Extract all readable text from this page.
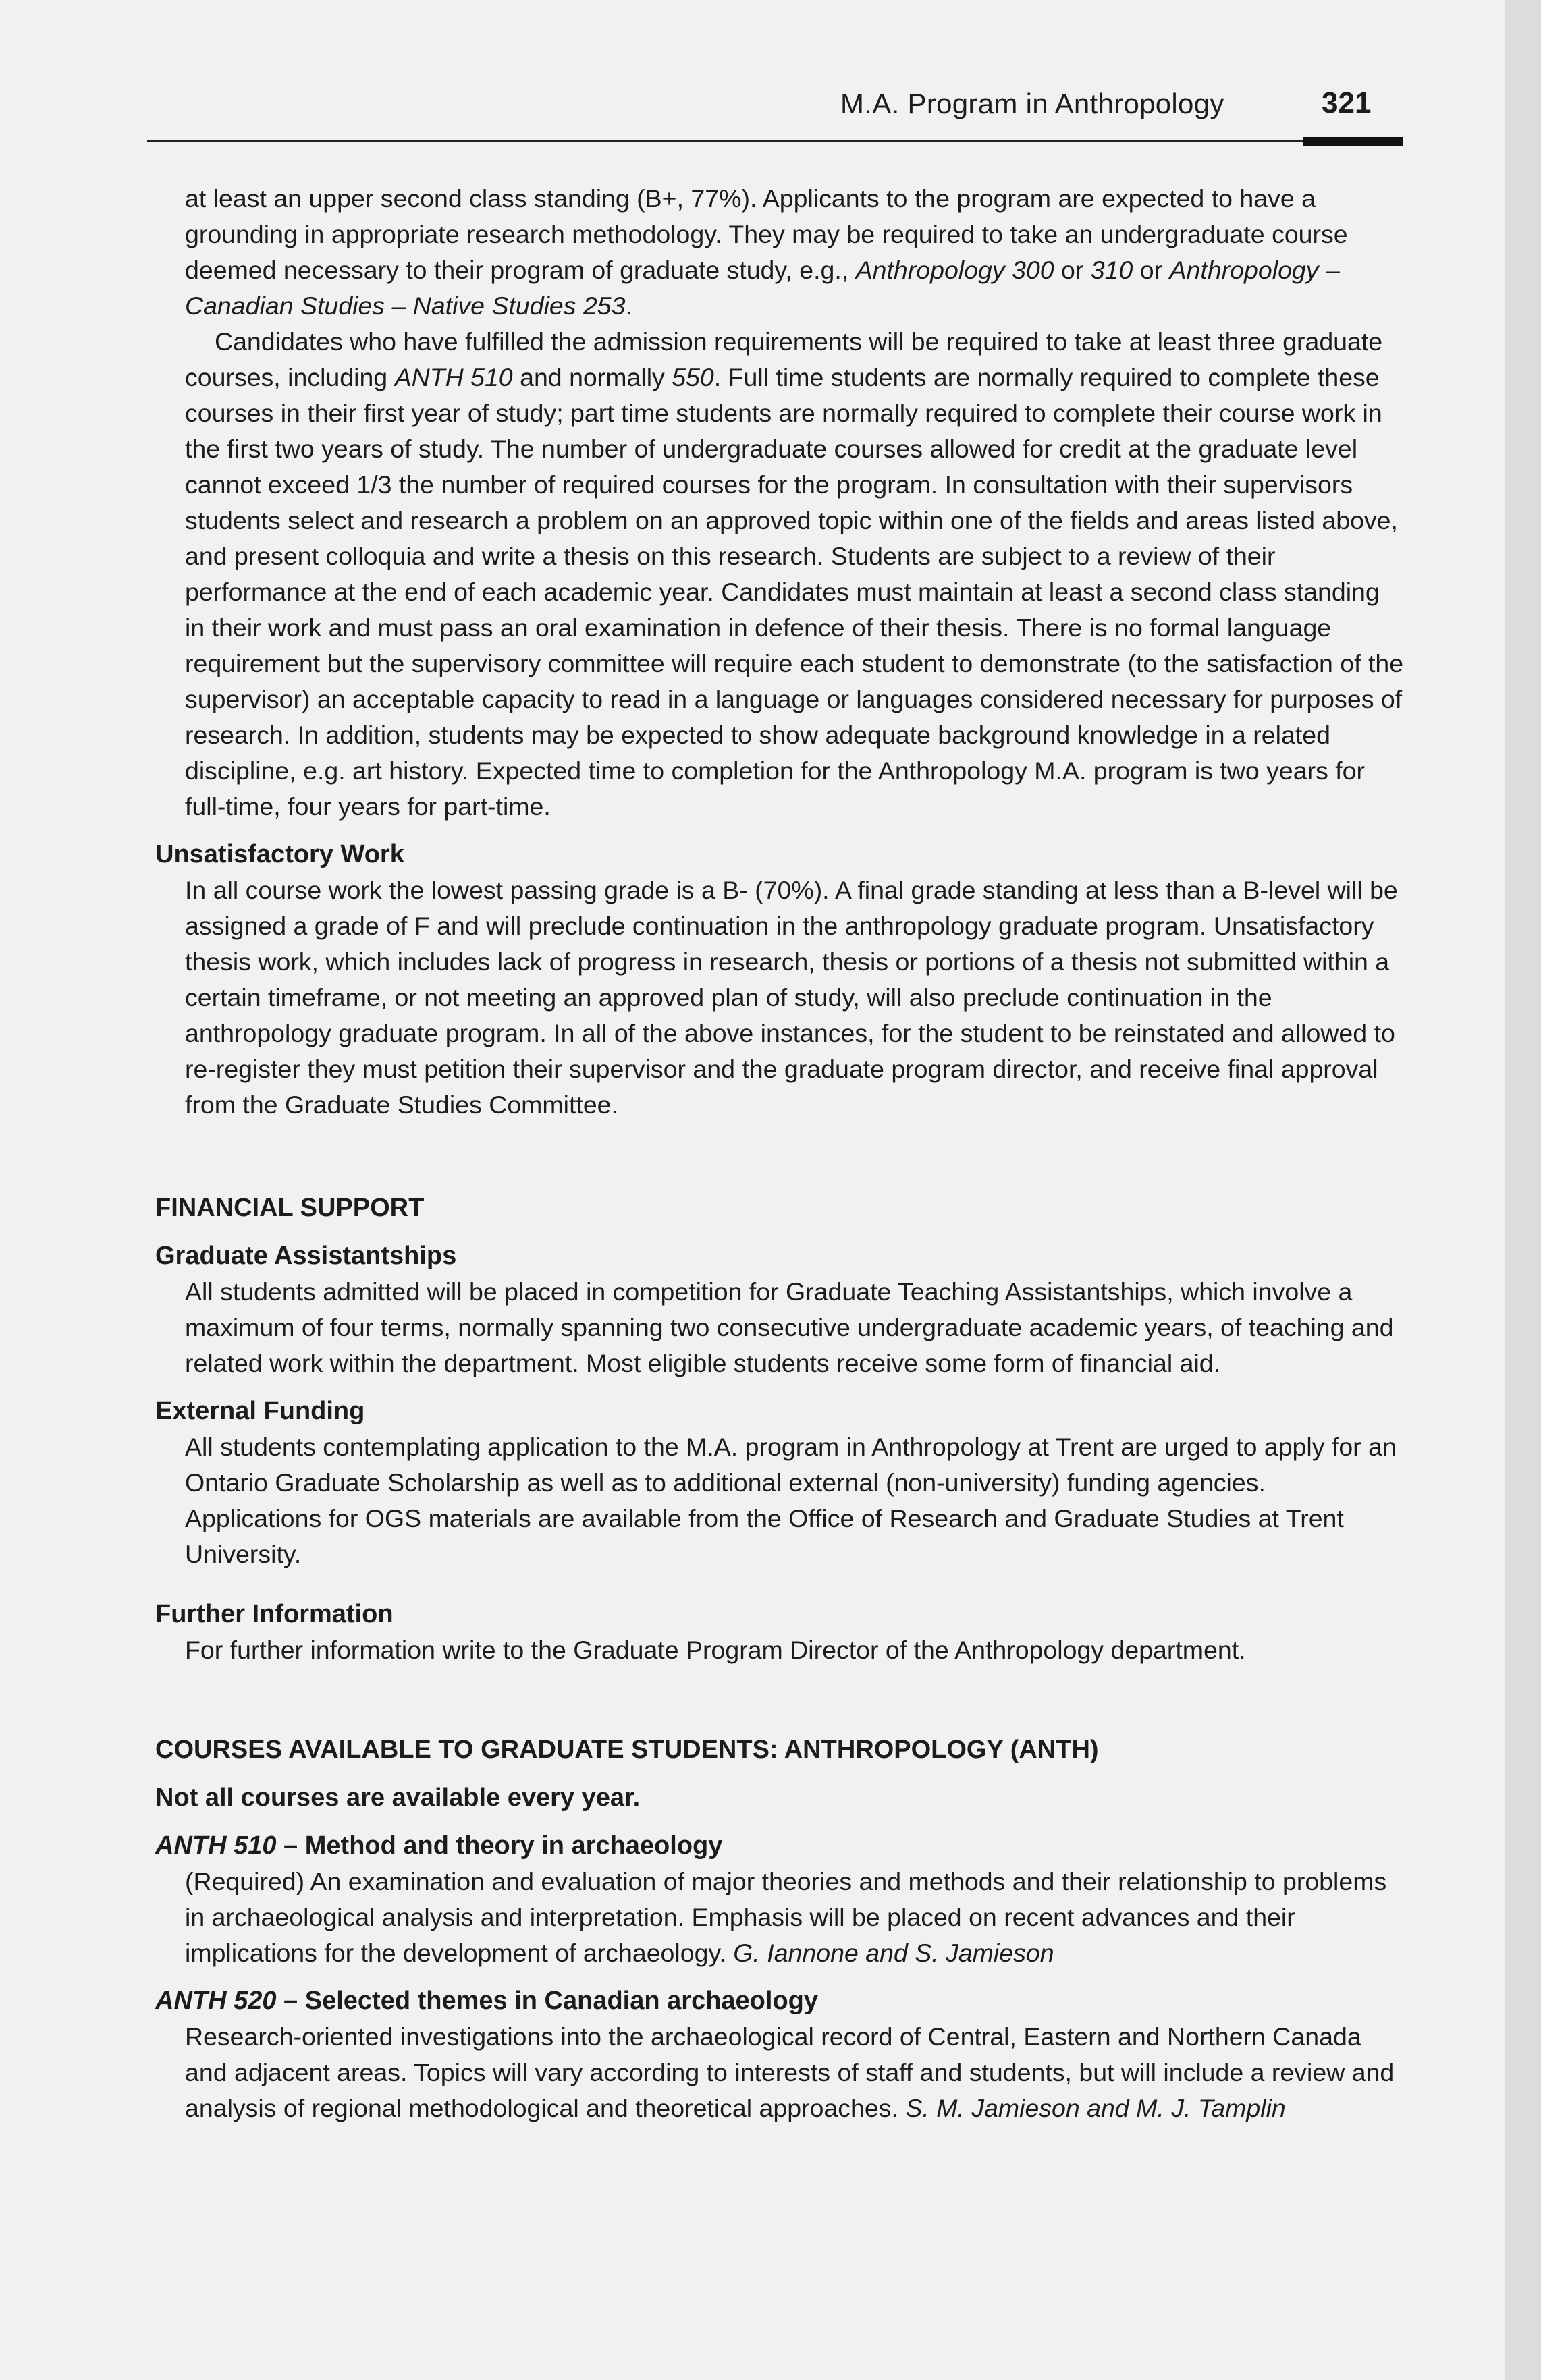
M.A. Program in Anthropology	321

at least an upper second class standing (B+, 77%). Applicants to the program are expected to have a grounding in appropriate research methodology. They may be required to take an undergraduate course deemed necessary to their program of graduate study, e.g., Anthropology 300 or 310 or Anthropology – Canadian Studies – Native Studies 253.

Candidates who have fulfilled the admission requirements will be required to take at least three graduate courses, including ANTH 510 and normally 550. Full time students are normally required to complete these courses in their first year of study; part time students are normally required to complete their course work in the first two years of study. The number of undergraduate courses allowed for credit at the graduate level cannot exceed 1/3 the number of required courses for the program. In consultation with their supervisors students select and research a problem on an approved topic within one of the fields and areas listed above, and present colloquia and write a thesis on this research. Students are subject to a review of their performance at the end of each academic year. Candidates must maintain at least a second class standing in their work and must pass an oral examination in defence of their thesis. There is no formal language requirement but the supervisory committee will require each student to demonstrate (to the satisfaction of the supervisor) an acceptable capacity to read in a language or languages considered necessary for purposes of research. In addition, students may be expected to show adequate background knowledge in a related discipline, e.g. art history. Expected time to completion for the Anthropology M.A. program is two years for full-time, four years for part-time.

Unsatisfactory Work

In all course work the lowest passing grade is a B- (70%). A final grade standing at less than a B-level will be assigned a grade of F and will preclude continuation in the anthropology graduate program. Unsatisfactory thesis work, which includes lack of progress in research, thesis or portions of a thesis not submitted within a certain timeframe, or not meeting an approved plan of study, will also preclude continuation in the anthropology graduate program. In all of the above instances, for the student to be reinstated and allowed to re-register they must petition their supervisor and the graduate program director, and receive final approval from the Graduate Studies Committee.

FINANCIAL SUPPORT
Graduate Assistantships

All students admitted will be placed in competition for Graduate Teaching Assistantships, which involve a maximum of four terms, normally spanning two consecutive undergraduate academic years, of teaching and related work within the department. Most eligible students receive some form of financial aid.

External Funding

All students contemplating application to the M.A. program in Anthropology at Trent are urged to apply for an Ontario Graduate Scholarship as well as to additional external (non-university) funding agencies. Applications for OGS materials are available from the Office of Research and Graduate Studies at Trent University.

Further Information

For further information write to the Graduate Program Director of the Anthropology department.

COURSES AVAILABLE TO GRADUATE STUDENTS: ANTHROPOLOGY (ANTH)
Not all courses are available every year.
ANTH 510 – Method and theory in archaeology

(Required) An examination and evaluation of major theories and methods and their relationship to problems in archaeological analysis and interpretation. Emphasis will be placed on recent advances and their implications for the development of archaeology. G. Iannone and S. Jamieson

ANTH 520 – Selected themes in Canadian archaeology

Research-oriented investigations into the archaeological record of Central, Eastern and Northern Canada and adjacent areas. Topics will vary according to interests of staff and students, but will include a review and analysis of regional methodological and theoretical approaches. S. M. Jamieson and M. J. Tamplin
